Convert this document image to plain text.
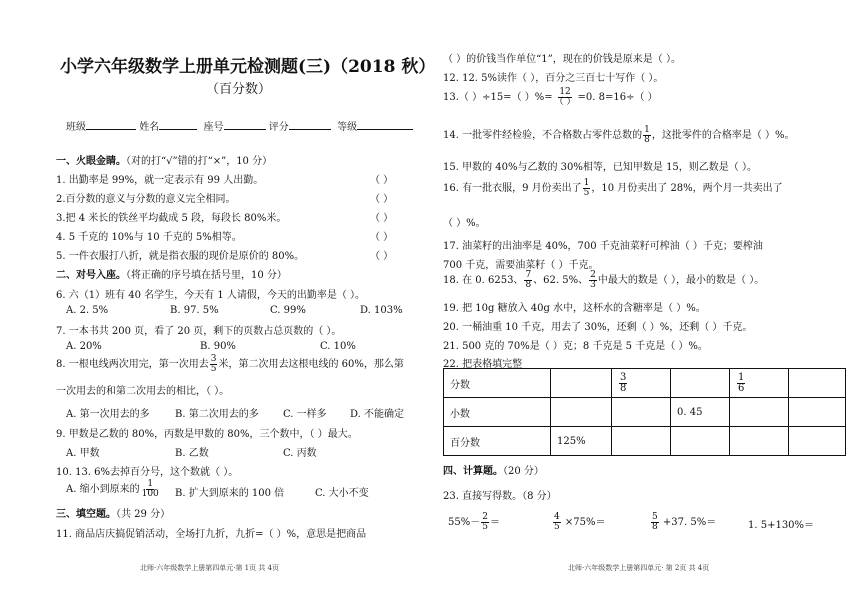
小学六年级数学上册单元检测题(三)（2018 秋）
（百分数）
班级	姓名	座号	评分	等级
一、火眼金睛。（对的打“√”错的打“×”，10 分）
1. 出勤率是 99%，就一定表示有 99 人出勤。	（ ）
2.百分数的意义与分数的意义完全相同。	（ ）
3.把 4 米长的铁丝平均截成 5 段，每段长 80%米。	（ ）
4. 5 千克的 10%与 10 千克的 5%相等。	（ ）
5. 一件衣服打八折，就是指衣服的现价是原价的 80%。	（ ）
二、对号入座。（将正确的序号填在括号里，10 分）
6. 六（1）班有 40 名学生，今天有 1 人请假，今天的出勤率是（ ）。
A. 2. 5%	B. 97. 5%	C. 99%	D. 103%
7. 一本书共 200 页，看了 20 页，剩下的页数占总页数的（ ）。
A. 20%	B. 90%	C. 10%
8. 一根电线两次用完，第一次用去 $\frac{3}{5}$ 米，第二次用去这根电线的 60%，那么第
一次用去的和第二次用去的相比，（ ）。
A. 第一次用去的多	B. 第二次用去的多 C. 一样多 D. 不能确定
9. 甲数是乙数的 80%，丙数是甲数的 80%，三个数中，（ ）最大。
A. 甲数	B. 乙数	C. 丙数
10. 13. 6%去掉百分号，这个数就（ ）。
A. 缩小到原来的 $\frac{1}{100} B$. 扩大到原来的 100 倍	C. 大小不变
三、填空题。（共 29 分）
11. 商品店庆搞促销活动，全场打九折，九折=（ ）%，意思是把商品
北师·六年级数学上册第四单元·第 1页 共 4页
（ ）的价钱当作单位“1”，现在的价钱是原来是（ ）。
12. 12. 5%读作（ ），百分之三百七十写作（ ）。
13.（ ）÷15=（ ）%= $\frac{12}{( )} =0$. 8=16÷（ ）
14. 一批零件经检验，不合格数占零件总数的 $\frac{1}{8}$ ，这批零件的合格率是（ ）%。
15. 甲数的 40%与乙数的 30%相等，已知甲数是 15，则乙数是（ ）。
16. 有一批衣服，9 月份卖出了 $\frac{1}{5}$ ，10 月份卖出了 28%，两个月一共卖出了
（ ）%。
17. 油菜籽的出油率是 40%，700 千克油菜籽可榨油（ ）千克；要榨油
700 千克，需要油菜籽（ ）千克。
18. 在 0. 6253、 $\frac{7}{8}$ 、62. 5%、 $\frac{2}{3}$ 中最大的数是（ ），最小的数是（ ）。
19. 把 10g 糖放入 40g 水中，这杯水的含糖率是（ ）%。
20. 一桶油重 10 千克，用去了 30%，还剩（ ）%，还剩（ ）千克。
21. 500 克的 70%是（ ）克；8 千克是 5 千克是（ ）%。
22. 把表格填完整
分数		$\frac{3}{8}$		$\frac{1}{6}$

小数			0. 45		
百分数	125%				
四、计算题。（20 分）
23. 直接写得数。（8 分）
$55\%- \frac{2}{5}$ ＝	$\frac{4}{5} \times 75\%=$	$\frac{5}{8} +37$. 5%＝	1. 5+130%＝
北师·六年级数学上册第四单元· 第 2页 共 4页
